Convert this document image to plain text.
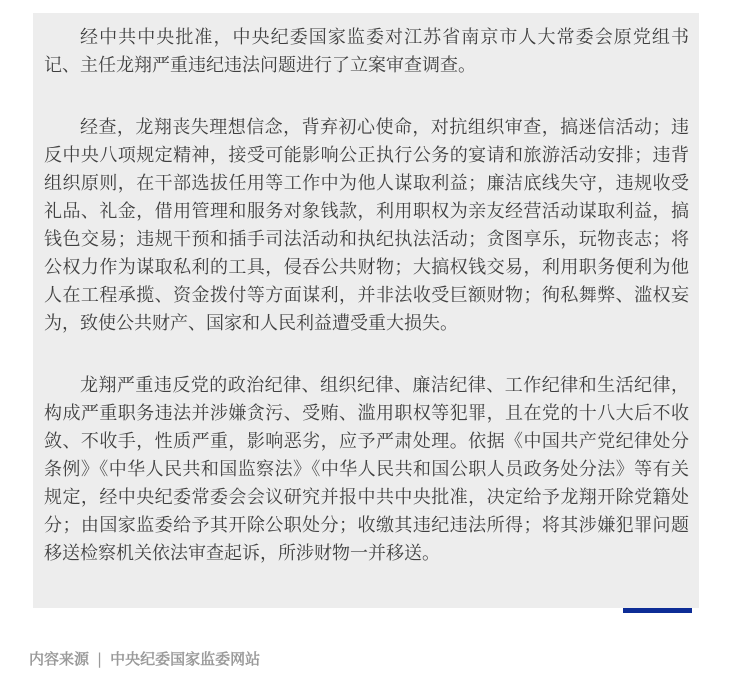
经中共中央批准，中央纪委国家监委对江苏省南京市人大常委会原党组书记、主任龙翔严重违纪违法问题进行了立案审查调查。

经查，龙翔丧失理想信念，背弃初心使命，对抗组织审查，搞迷信活动；违反中央八项规定精神，接受可能影响公正执行公务的宴请和旅游活动安排；违背组织原则，在干部选拔任用等工作中为他人谋取利益；廉洁底线失守，违规收受礼品、礼金，借用管理和服务对象钱款，利用职权为亲友经营活动谋取利益，搞钱色交易；违规干预和插手司法活动和执纪执法活动；贪图享乐，玩物丧志；将公权力作为谋取私利的工具，侵吞公共财物；大搞权钱交易，利用职务便利为他人在工程承揽、资金拨付等方面谋利，并非法收受巨额财物；徇私舞弊、滥权妄为，致使公共财产、国家和人民利益遭受重大损失。

龙翔严重违反党的政治纪律、组织纪律、廉洁纪律、工作纪律和生活纪律，构成严重职务违法并涉嫌贪污、受贿、滥用职权等犯罪，且在党的十八大后不收敛、不收手，性质严重，影响恶劣，应予严肃处理。依据《中国共产党纪律处分条例》《中华人民共和国监察法》《中华人民共和国公职人员政务处分法》等有关规定，经中央纪委常委会会议研究并报中共中央批准，决定给予龙翔开除党籍处分；由国家监委给予其开除公职处分；收缴其违纪违法所得；将其涉嫌犯罪问题移送检察机关依法审查起诉，所涉财物一并移送。

内容来源 | 中央纪委国家监委网站
